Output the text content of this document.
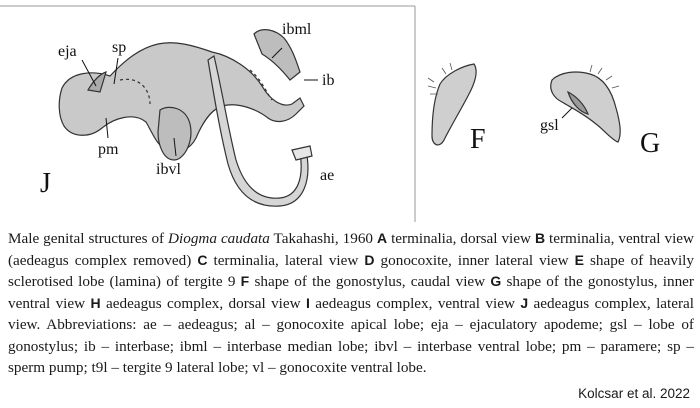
eja sp
ibml
ib
pm
ibvl	ae
J
F	G
gsl
Male genital structures of Diogma caudata Takahashi, 1960 A terminalia, dorsal view B terminalia, ventral view (aedeagus complex removed) C terminalia, lateral view D gonocoxite, inner lateral view E shape of heavily sclerotised lobe (lamina) of tergite 9 F shape of the gonostylus, caudal view G shape of the gonostylus, inner ventral view H aedeagus complex, dorsal view I aedeagus complex, ventral view J aedeagus complex, lateral view. Abbreviations: ae – aedeagus; al – gonocoxite apical lobe; eja – ejaculatory apodeme; gsl – lobe of gonostylus; ib – interbase; ibml – interbase median lobe; ibvl – interbase ventral lobe; pm – paramere; sp – sperm pump; t9l – tergite 9 lateral lobe; vl – gonocoxite ventral lobe.
Kolcsar et al. 2022
